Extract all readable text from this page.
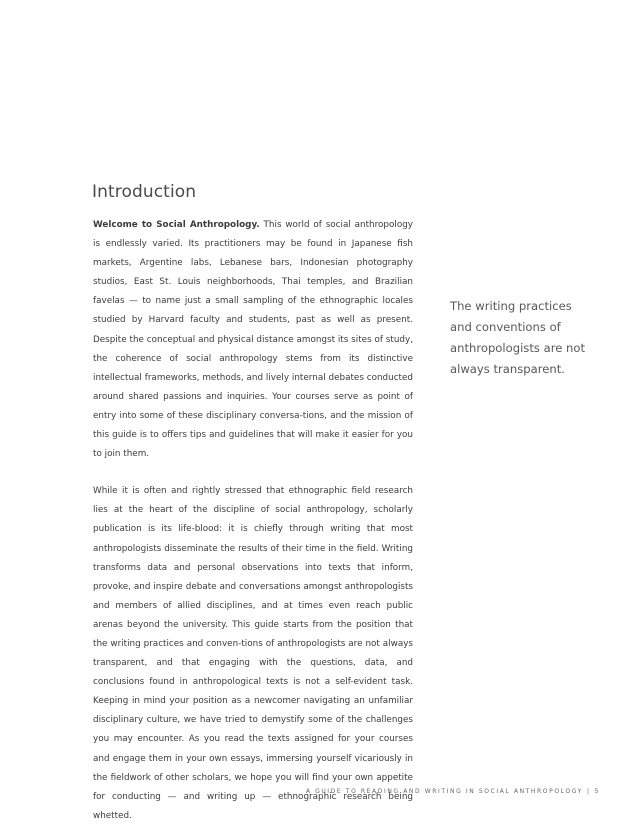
Introduction

Welcome to Social Anthropology. This world of social anthropology is endlessly varied. Its practitioners may be found in Japanese fish markets, Argentine labs, Lebanese bars, Indonesian photography studios, East St. Louis neighborhoods, Thai temples, and Brazilian favelas — to name just a small sampling of the ethnographic locales studied by Harvard faculty and students, past as well as present. Despite the conceptual and physical distance amongst its sites of study, the coherence of social anthropology stems from its distinctive intellectual frameworks, methods, and lively internal debates conducted around shared passions and inquiries. Your courses serve as point of entry into some of these disciplinary conversa-tions, and the mission of this guide is to offers tips and guidelines that will make it easier for you to join them.

While it is often and rightly stressed that ethnographic field research lies at the heart of the discipline of social anthropology, scholarly publication is its life-blood: it is chiefly through writing that most anthropologists disseminate the results of their time in the field. Writing transforms data and personal observations into texts that inform, provoke, and inspire debate and conversations amongst anthropologists and members of allied disciplines, and at times even reach public arenas beyond the university. This guide starts from the position that the writing practices and conven-tions of anthropologists are not always transparent, and that engaging with the questions, data, and conclusions found in anthropological texts is not a self-evident task. Keeping in mind your position as a newcomer navigating an unfamiliar disciplinary culture, we have tried to demystify some of the challenges you may encounter. As you read the texts assigned for your courses and engage them in your own essays, immersing yourself vicariously in the fieldwork of other scholars, we hope you will find your own appetite for conducting — and writing up — ethnographic research being whetted.

The writing practices and conventions of anthropologists are not always transparent.
A GUIDE TO READING AND WRITING IN SOCIAL ANTHROPOLOGY | 5
